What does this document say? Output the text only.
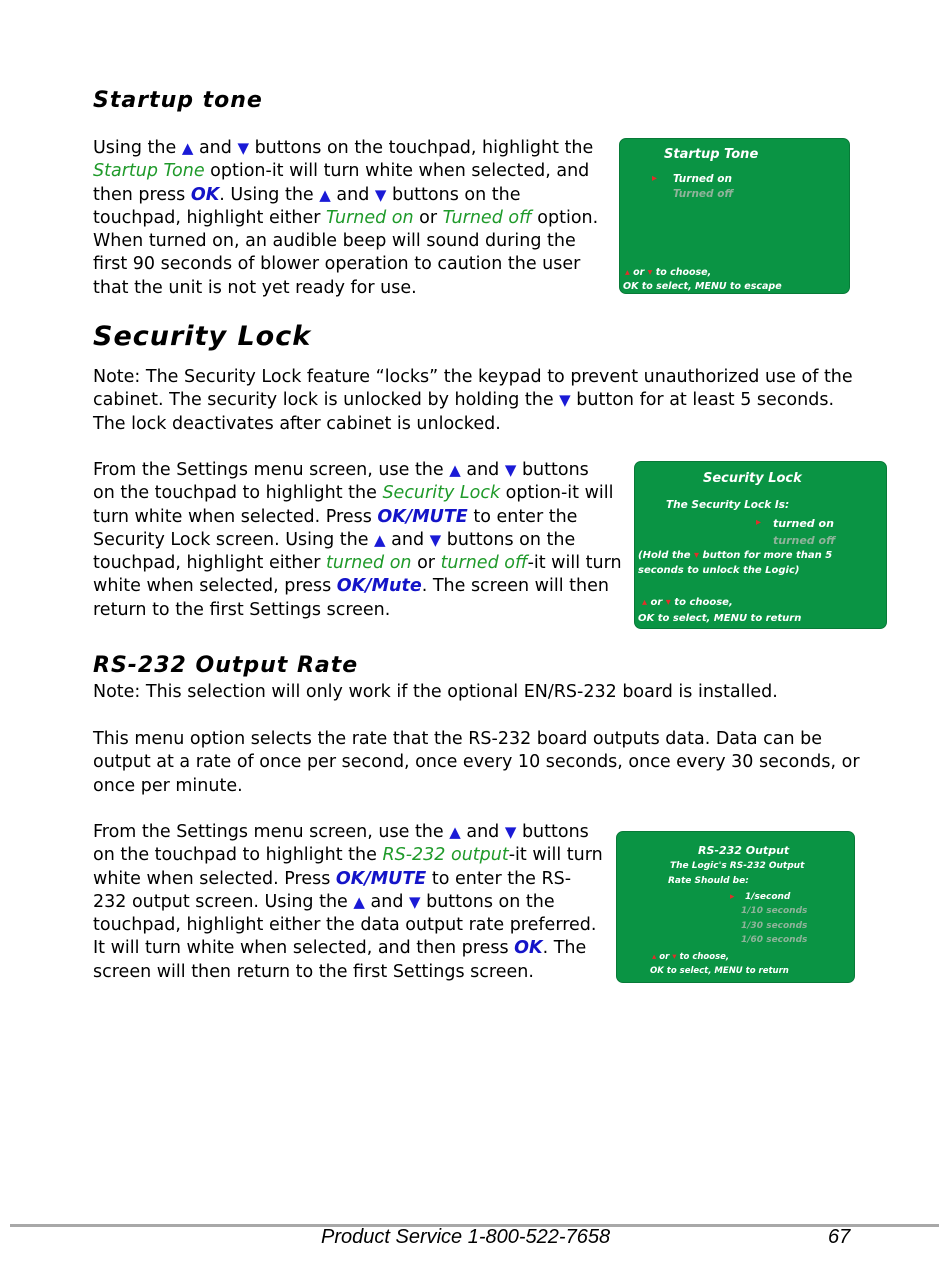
Startup tone
Using the ▲ and ▼ buttons on the touchpad, highlight the
Startup Tone option-it will turn white when selected, and
then press OK. Using the ▲ and ▼ buttons on the
touchpad, highlight either Turned on or Turned off option.
When turned on, an audible beep will sound during the
first 90 seconds of blower operation to caution the user
that the unit is not yet ready for use.
Startup Tone
▸ Turned on
Turned off
▴ or ▾ to choose,
OK to select, MENU to escape
Security Lock
Note: The Security Lock feature “locks” the keypad to prevent unauthorized use of the
cabinet. The security lock is unlocked by holding the ▼ button for at least 5 seconds.
The lock deactivates after cabinet is unlocked.
From the Settings menu screen, use the ▲ and ▼ buttons
on the touchpad to highlight the Security Lock option-it will
turn white when selected. Press OK/MUTE to enter the
Security Lock screen. Using the ▲ and ▼ buttons on the
touchpad, highlight either turned on or turned off-it will turn
white when selected, press OK/Mute. The screen will then
return to the first Settings screen.
Security Lock
The Security Lock Is:
▸ turned on
turned off
(Hold the ▾ button for more than 5
seconds to unlock the Logic)
▴ or ▾ to choose,
OK to select, MENU to return
RS-232 Output Rate
Note: This selection will only work if the optional EN/RS-232 board is installed.
This menu option selects the rate that the RS-232 board outputs data. Data can be
output at a rate of once per second, once every 10 seconds, once every 30 seconds, or
once per minute.
From the Settings menu screen, use the ▲ and ▼ buttons
on the touchpad to highlight the RS-232 output-it will turn
white when selected. Press OK/MUTE to enter the RS-
232 output screen. Using the ▲ and ▼ buttons on the
touchpad, highlight either the data output rate preferred.
It will turn white when selected, and then press OK. The
screen will then return to the first Settings screen.
RS-232 Output
The Logic's RS-232 Output
Rate Should be:
▸ 1/second
1/10 seconds
1/30 seconds
1/60 seconds
▴ or ▾ to choose,
OK to select, MENU to return
Product Service 1-800-522-7658	67
